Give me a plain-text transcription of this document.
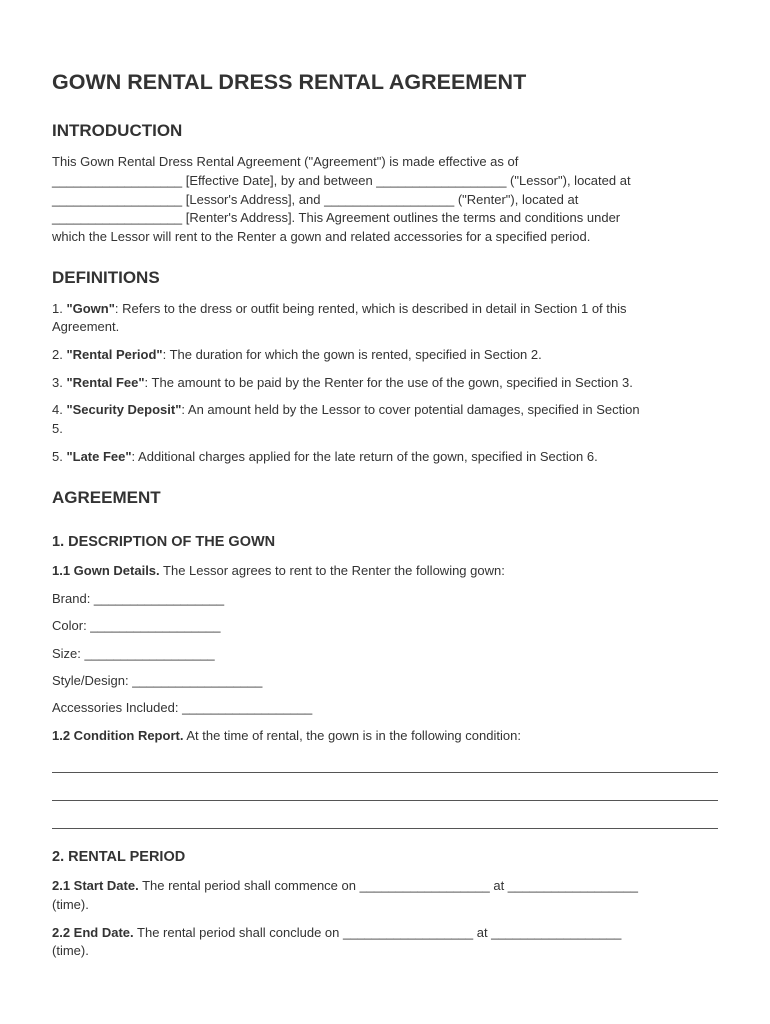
GOWN RENTAL DRESS RENTAL AGREEMENT
INTRODUCTION
This Gown Rental Dress Rental Agreement ("Agreement") is made effective as of
__________________ [Effective Date], by and between __________________ ("Lessor"), located at
__________________ [Lessor's Address], and __________________ ("Renter"), located at
__________________ [Renter's Address]. This Agreement outlines the terms and conditions under
which the Lessor will rent to the Renter a gown and related accessories for a specified period.
DEFINITIONS
1. "Gown": Refers to the dress or outfit being rented, which is described in detail in Section 1 of this
Agreement.
2. "Rental Period": The duration for which the gown is rented, specified in Section 2.
3. "Rental Fee": The amount to be paid by the Renter for the use of the gown, specified in Section 3.
4. "Security Deposit": An amount held by the Lessor to cover potential damages, specified in Section
5.
5. "Late Fee": Additional charges applied for the late return of the gown, specified in Section 6.
AGREEMENT
1. DESCRIPTION OF THE GOWN
1.1 Gown Details. The Lessor agrees to rent to the Renter the following gown:
Brand: __________________
Color: __________________
Size: __________________
Style/Design: __________________
Accessories Included: __________________
1.2 Condition Report. At the time of rental, the gown is in the following condition:
2. RENTAL PERIOD
2.1 Start Date. The rental period shall commence on __________________ at __________________
(time).
2.2 End Date. The rental period shall conclude on __________________ at __________________
(time).
